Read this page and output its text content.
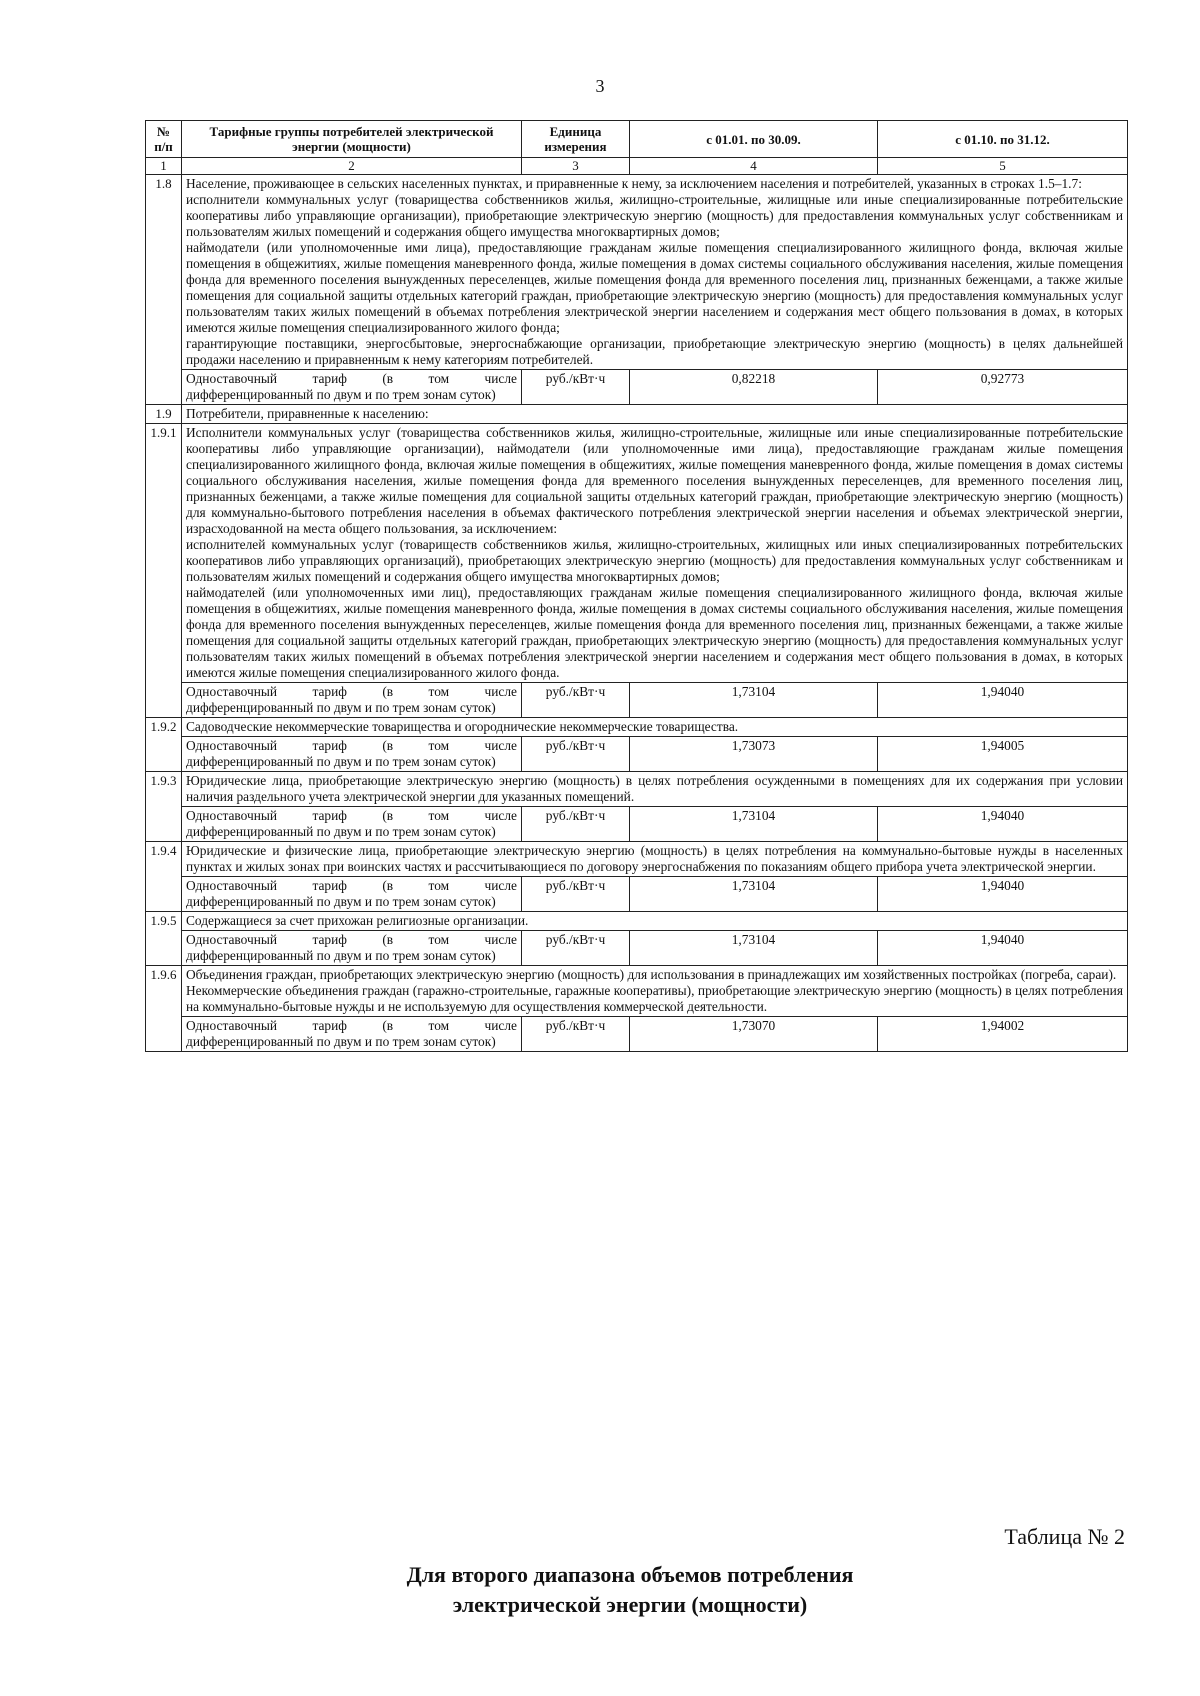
3
№ п/п	Тарифные группы потребителей электрической энергии (мощности)	Единица измерения	с 01.01. по 30.09.	с 01.10. по 31.12.
1	2	3	4	5
1.8	Население, проживающее в сельских населенных пунктах, и приравненные к нему, за исключением населения и потребителей, указанных в строках 1.5–1.7:

исполнители коммунальных услуг (товарищества собственников жилья, жилищно-строительные, жилищные или иные специализированные потребительские кооперативы либо управляющие организации), приобретающие электрическую энергию (мощность) для предоставления коммунальных услуг собственникам и пользователям жилых помещений и содержания общего имущества многоквартирных домов;

наймодатели (или уполномоченные ими лица), предоставляющие гражданам жилые помещения специализированного жилищного фонда, включая жилые помещения в общежитиях, жилые помещения маневренного фонда, жилые помещения в домах системы социального обслуживания населения, жилые помещения фонда для временного поселения вынужденных переселенцев, жилые помещения фонда для временного поселения лиц, признанных беженцами, а также жилые помещения для социальной защиты отдельных категорий граждан, приобретающие электрическую энергию (мощность) для предоставления коммунальных услуг пользователям таких жилых помещений в объемах потребления электрической энергии населением и содержания мест общего пользования в домах, в которых имеются жилые помещения специализированного жилого фонда;

гарантирующие поставщики, энергосбытовые, энергоснабжающие организации, приобретающие электрическую энергию (мощность) в целях дальнейшей продажи населению и приравненным к нему категориям потребителей.			

	Одноставочный тариф (в том числе дифференцированный по двум и по трем зонам суток)	руб./кВт·ч	0,82218	0,92773
1.9	Потребители, приравненные к населению:			
1.9.1	Исполнители коммунальных услуг (товарищества собственников жилья, жилищно-строительные, жилищные или иные специализированные потребительские кооперативы либо управляющие организации), наймодатели (или уполномоченные ими лица), предоставляющие гражданам жилые помещения специализированного жилищного фонда, включая жилые помещения в общежитиях, жилые помещения маневренного фонда, жилые помещения в домах системы социального обслуживания населения, жилые помещения фонда для временного поселения вынужденных переселенцев, для временного поселения лиц, признанных беженцами, а также жилые помещения для социальной защиты отдельных категорий граждан, приобретающие электрическую энергию (мощность) для коммунально-бытового потребления населения в объемах фактического потребления электрической энергии населения и объемах электрической энергии, израсходованной на места общего пользования, за исключением:

исполнителей коммунальных услуг (товариществ собственников жилья, жилищно-строительных, жилищных или иных специализированных потребительских кооперативов либо управляющих организаций), приобретающих электрическую энергию (мощность) для предоставления коммунальных услуг собственникам и пользователям жилых помещений и содержания общего имущества многоквартирных домов;

наймодателей (или уполномоченных ими лиц), предоставляющих гражданам жилые помещения специализированного жилищного фонда, включая жилые помещения в общежитиях, жилые помещения маневренного фонда, жилые помещения в домах системы социального обслуживания населения, жилые помещения фонда для временного поселения вынужденных переселенцев, жилые помещения фонда для временного поселения лиц, признанных беженцами, а также жилые помещения для социальной защиты отдельных категорий граждан, приобретающих электрическую энергию (мощность) для предоставления коммунальных услуг пользователям таких жилых помещений в объемах потребления электрической энергии населением и содержания мест общего пользования в домах, в которых имеются жилые помещения специализированного жилого фонда.			

	Одноставочный тариф (в том числе дифференцированный по двум и по трем зонам суток)	руб./кВт·ч	1,73104	1,94040
1.9.2	Садоводческие некоммерческие товарищества и огороднические некоммерческие товарищества.			

	Одноставочный тариф (в том числе дифференцированный по двум и по трем зонам суток)	руб./кВт·ч	1,73073	1,94005
1.9.3	Юридические лица, приобретающие электрическую энергию (мощность) в целях потребления осужденными в помещениях для их содержания при условии наличия раздельного учета электрической энергии для указанных помещений.			

	Одноставочный тариф (в том числе дифференцированный по двум и по трем зонам суток)	руб./кВт·ч	1,73104	1,94040
1.9.4	Юридические и физические лица, приобретающие электрическую энергию (мощность) в целях потребления на коммунально-бытовые нужды в населенных пунктах и жилых зонах при воинских частях и рассчитывающиеся по договору энергоснабжения по показаниям общего прибора учета электрической энергии.			

	Одноставочный тариф (в том числе дифференцированный по двум и по трем зонам суток)	руб./кВт·ч	1,73104	1,94040
1.9.5	Содержащиеся за счет прихожан религиозные организации.			

	Одноставочный тариф (в том числе дифференцированный по двум и по трем зонам суток)	руб./кВт·ч	1,73104	1,94040
1.9.6	Объединения граждан, приобретающих электрическую энергию (мощность) для использования в принадлежащих им хозяйственных постройках (погреба, сараи).

Некоммерческие объединения граждан (гаражно-строительные, гаражные кооперативы), приобретающие электрическую энергию (мощность) в целях потребления на коммунально-бытовые нужды и не используемую для осуществления коммерческой деятельности.			

	Одноставочный тариф (в том числе дифференцированный по двум и по трем зонам суток)	руб./кВт·ч	1,73070	1,94002
Таблица № 2
Для второго диапазона объемов потребления
электрической энергии (мощности)
